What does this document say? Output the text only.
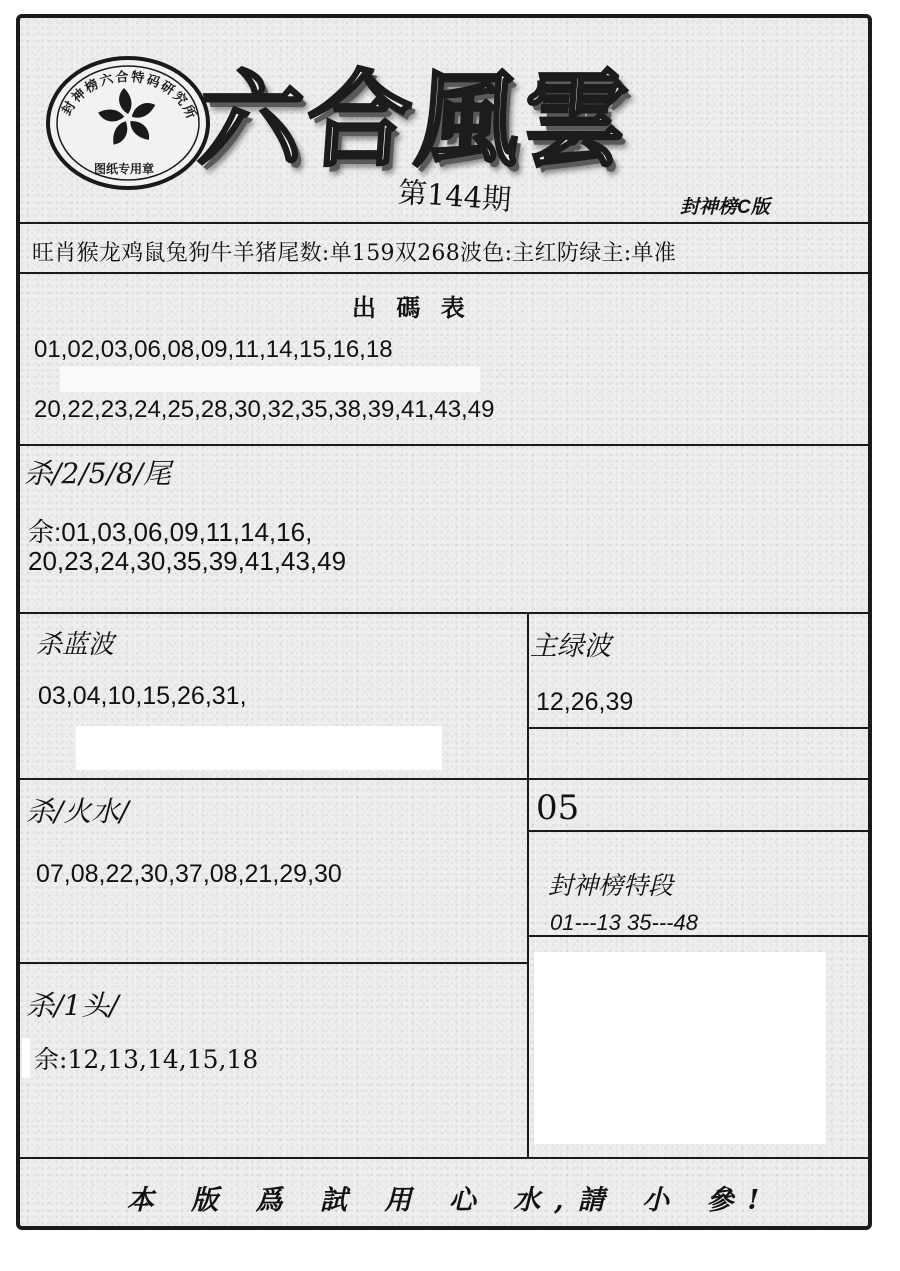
封神榜六合特码研究所
图纸专用章 六合風雲
第144期	封神榜C版
旺肖猴龙鸡鼠兔狗牛羊猪尾数:单159双268波色:主红防绿主:单准
出 碼 表
01,02,03,06,08,09,11,14,15,16,18
20,22,23,24,25,28,30,32,35,38,39,41,43,49
杀/2/5/8/尾
余:01,03,06,09,11,14,16,
20,23,24,30,35,39,41,43,49
杀蓝波
03,04,10,15,26,31,
杀/火水/
07,08,22,30,37,08,21,29,30
杀/1头/
余:12,13,14,15,18
主绿波
12,26,39
05
封神榜特段
01---13 35---48
本 版 爲 試 用 心 水,請 小 參!
